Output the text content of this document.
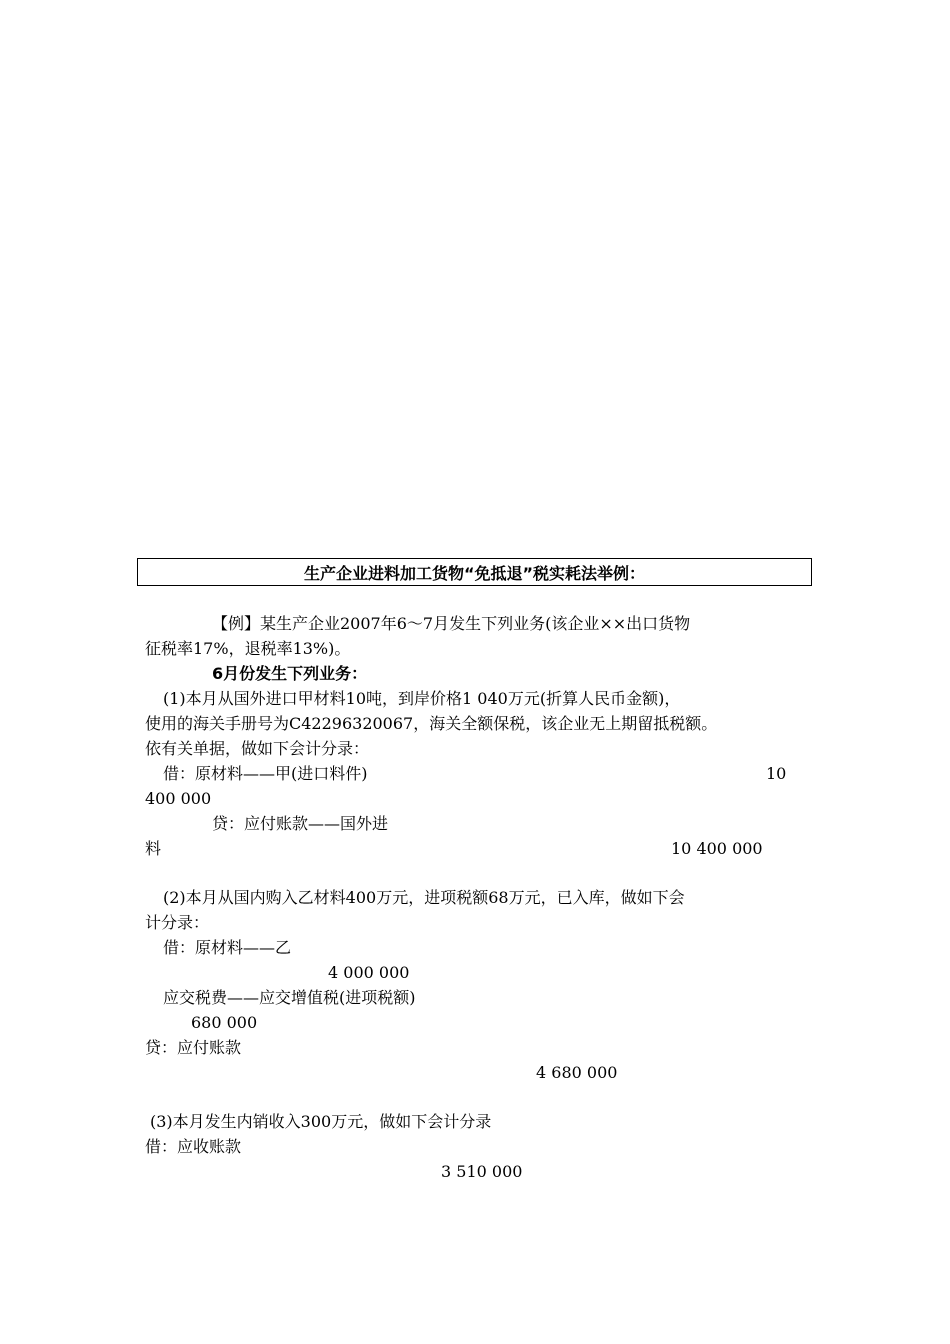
生产企业进料加工货物“免抵退”税实耗法举例：
【例】某生产企业2007年6～7月发生下列业务(该企业××出口货物
征税率17%，退税率13%)。
6月份发生下列业务：
(1)本月从国外进口甲材料10吨，到岸价格1 040万元(折算人民币金额)，
使用的海关手册号为C42296320067，海关全额保税，该企业无上期留抵税额。
依有关单据，做如下会计分录：
借：原材料——甲(进口料件)	10
400 000
贷：应付账款——国外进
料	10 400 000
(2)本月从国内购入乙材料400万元，进项税额68万元，已入库，做如下会
计分录：
借：原材料——乙
4 000 000
应交税费——应交增值税(进项税额)
680 000
贷：应付账款
4 680 000
(3)本月发生内销收入300万元，做如下会计分录
借：应收账款
3 510 000
